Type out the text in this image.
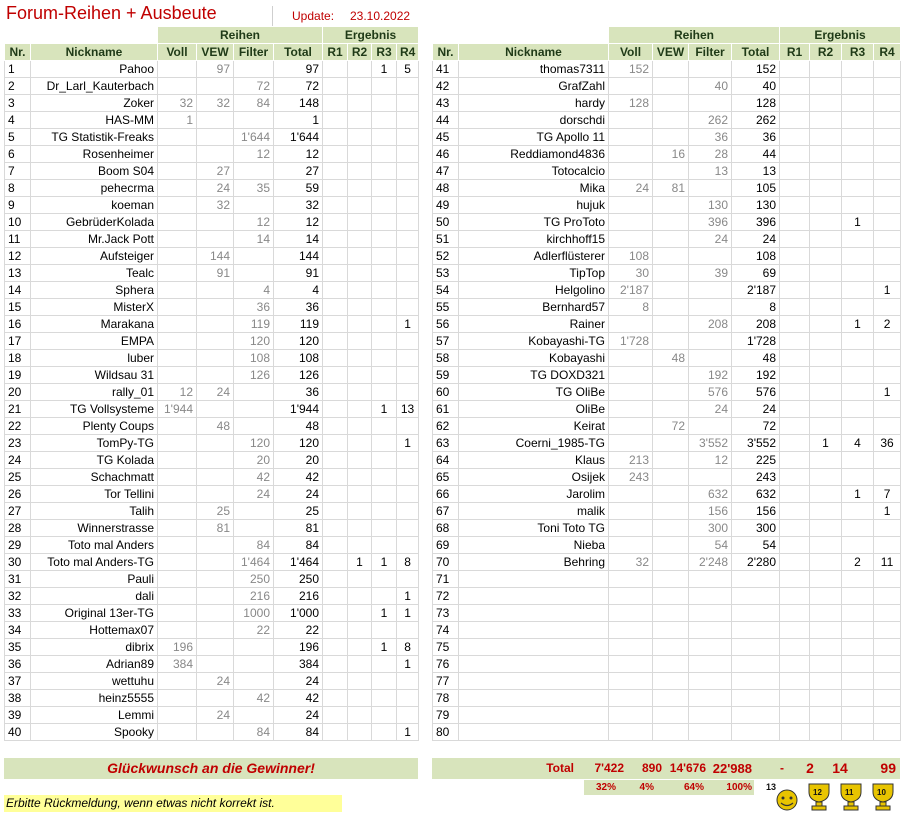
Forum-Reihen + Ausbeute	Update: 23.10.2022
		Reihen				Ergebnis			
Nr.	Nickname	Voll	VEW	Filter	Total	R1	R2	R3	R4
1	Pahoo		97		97			1	5
2	Dr_Larl_Kauterbach			72	72				
3	Zoker	32	32	84	148				
4	HAS-MM	1			1				
5	TG Statistik-Freaks			1'644	1'644				
6	Rosenheimer			12	12				
7	Boom S04		27		27				
8	pehecrma		24	35	59				
9	koeman		32		32				
10	GebrüderKolada			12	12				
11	Mr.Jack Pott			14	14				
12	Aufsteiger		144		144				
13	Tealc		91		91				
14	Sphera			4	4				
15	MisterX			36	36				
16	Marakana			119	119				1
17	EMPA			120	120				
18	luber			108	108				
19	Wildsau 31			126	126				
20	rally_01	12	24		36				
21	TG Vollsysteme	1'944			1'944			1	13
22	Plenty Coups		48		48				
23	TomPy-TG			120	120				1
24	TG Kolada			20	20				
25	Schachmatt			42	42				
26	Tor Tellini			24	24				
27	Talih		25		25				
28	Winnerstrasse		81		81				
29	Toto mal Anders			84	84				
30	Toto mal Anders-TG			1'464	1'464		1	1	8
31	Pauli			250	250				
32	dali			216	216				1
33	Original 13er-TG			1000	1'000			1	1
34	Hottemax07			22	22				
35	dibrix	196			196			1	8
36	Adrian89	384			384				1
37	wettuhu		24		24				
38	heinz5555			42	42				
39	Lemmi		24		24				
40	Spooky			84	84				1
		Reihen				Ergebnis			
Nr.	Nickname	Voll	VEW	Filter	Total	R1	R2	R3	R4
41	thomas7311	152			152				
42	GrafZahl			40	40				
43	hardy	128			128				
44	dorschdi			262	262				
45	TG Apollo 11			36	36				
46	Reddiamond4836		16	28	44				
47	Totocalcio			13	13				
48	Mika	24	81		105				
49	hujuk			130	130				
50	TG ProToto			396	396			1	
51	kirchhoff15			24	24				
52	Adlerflüsterer	108			108				
53	TipTop	30		39	69				
54	Helgolino	2'187			2'187				1
55	Bernhard57	8			8				
56	Rainer			208	208			1	2
57	Kobayashi-TG	1'728			1'728				
58	Kobayashi		48		48				
59	TG DOXD321			192	192				
60	TG OliBe			576	576				1
61	OliBe			24	24				
62	Keirat		72		72				
63	Coerni_1985-TG			3'552	3'552		1	4	36
64	Klaus	213		12	225				
65	Osijek	243			243				
66	Jarolim			632	632			1	7
67	malik			156	156				1
68	Toni Toto TG			300	300				
69	Nieba			54	54				
70	Behring	32		2'248	2'280			2	11
71									
72									
73									
74									
75									
76									
77									
78									
79									
80									
Glückwunsch an die Gewinner!	Total	7'422	890 14'676 22'988	-	2	14	99
32%	4%	64%	100%
Erbitte Rückmeldung, wenn etwas nicht korrekt ist.
13
12	11	10
